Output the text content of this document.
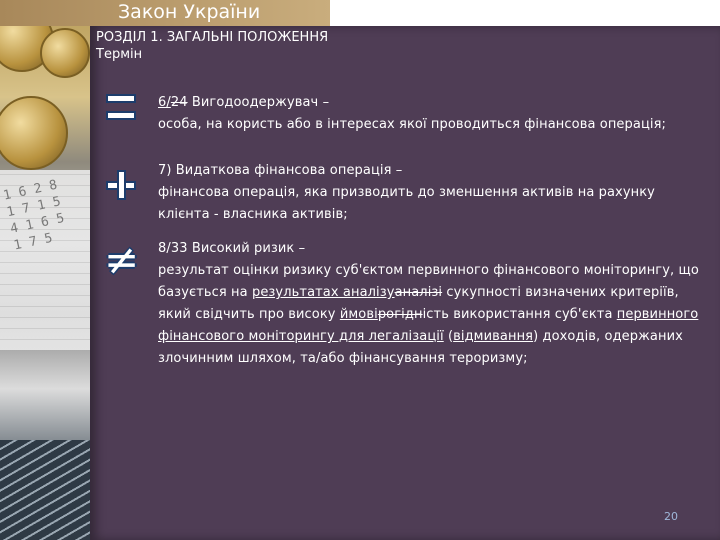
1 6 2 8 1 7 1 5 4 1 6 5 1 7 5
Закон України
РОЗДІЛ 1. ЗАГАЛЬНІ ПОЛОЖЕННЯ
Термін
≠

6/24 Вигодоодержувач –

особа, на користь або в інтересах якої проводиться фінансова операція;

7) Видаткова фінансова операція –

фінансова операція, яка призводить до зменшення активів на рахунку клієнта - власника активів;

8/33 Високий ризик –

результат оцінки ризику суб'єктом первинного фінансового моніторингу, що базується на результатах аналізуаналізі сукупності визначених критеріїв, який свідчить про високу ймовірогідність використання суб'єкта первинного фінансового моніторингу для легалізації (відмивання) доходів, одержаних злочинним шляхом, та/або фінансування тероризму;

20
